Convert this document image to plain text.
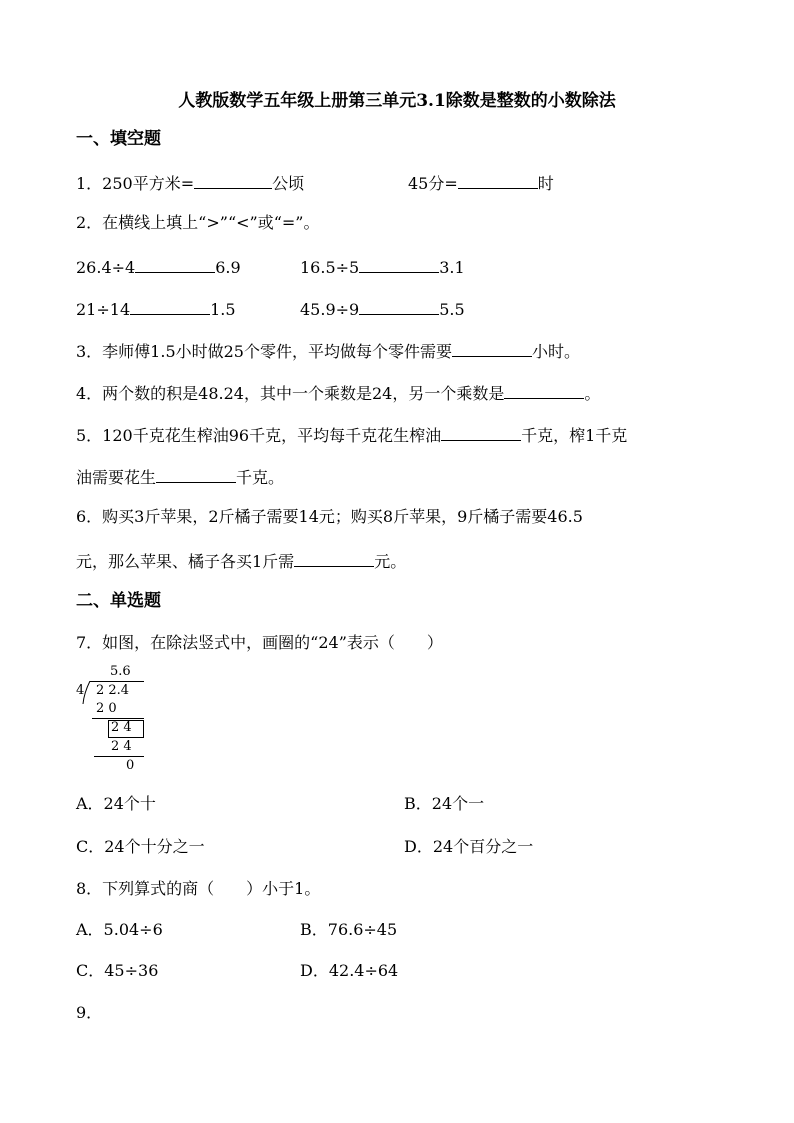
人教版数学五年级上册第三单元3.1除数是整数的小数除法
一、填空题
1．250平方米=	公顷	45分=	时
2．在横线上填上“>”“<”或“=”。
26.4÷4	6.9	16.5÷5	3.1
21÷14	1.5	45.9÷9	5.5
3．李师傅1.5小时做25个零件，平均做每个零件需要	小时。
4．两个数的积是48.24，其中一个乘数是24，另一个乘数是	。
5．120千克花生榨油96千克，平均每千克花生榨油	千克，榨1千克
油需要花生	千克。
6．购买3斤苹果，2斤橘子需要14元；购买8斤苹果，9斤橘子需要46.5
元，那么苹果、橘子各买1斤需	元。
二、单选题
7．如图，在除法竖式中，画圈的“24”表示（　　）
5.6
4 2 2.4
2 0
2 4
2 4
0
A．24个十	B．24个一
C．24个十分之一	D．24个百分之一
8．下列算式的商（　　）小于1。
A．5.04÷6	B．76.6÷45
C．45÷36	D．42.4÷64
9．
